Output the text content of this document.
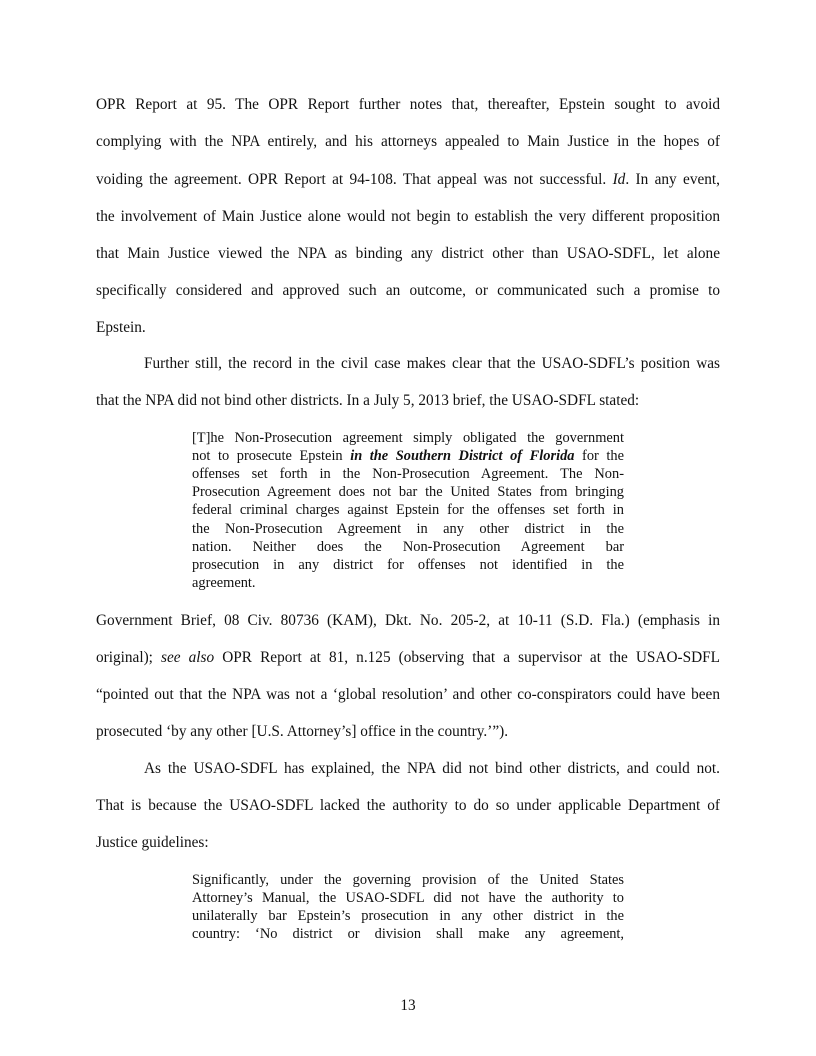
OPR Report at 95. The OPR Report further notes that, thereafter, Epstein sought to avoid
complying with the NPA entirely, and his attorneys appealed to Main Justice in the hopes of
voiding the agreement. OPR Report at 94-108. That appeal was not successful. Id. In any event,
the involvement of Main Justice alone would not begin to establish the very different proposition
that Main Justice viewed the NPA as binding any district other than USAO-SDFL, let alone
specifically considered and approved such an outcome, or communicated such a promise to
Epstein.
Further still, the record in the civil case makes clear that the USAO-SDFL’s position was
that the NPA did not bind other districts. In a July 5, 2013 brief, the USAO-SDFL stated:
[T]he Non-Prosecution agreement simply obligated the government
not to prosecute Epstein in the Southern District of Florida for the
offenses set forth in the Non-Prosecution Agreement. The Non-
Prosecution Agreement does not bar the United States from bringing
federal criminal charges against Epstein for the offenses set forth in
the Non-Prosecution Agreement in any other district in the
nation. Neither does the Non-Prosecution Agreement bar
prosecution in any district for offenses not identified in the
agreement.
Government Brief, 08 Civ. 80736 (KAM), Dkt. No. 205-2, at 10-11 (S.D. Fla.) (emphasis in
original); see also OPR Report at 81, n.125 (observing that a supervisor at the USAO-SDFL
“pointed out that the NPA was not a ‘global resolution’ and other co-conspirators could have been
prosecuted ‘by any other [U.S. Attorney’s] office in the country.’”).
As the USAO-SDFL has explained, the NPA did not bind other districts, and could not.
That is because the USAO-SDFL lacked the authority to do so under applicable Department of
Justice guidelines:
Significantly, under the governing provision of the United States
Attorney’s Manual, the USAO-SDFL did not have the authority to
unilaterally bar Epstein’s prosecution in any other district in the
country: ‘No district or division shall make any agreement,
13
